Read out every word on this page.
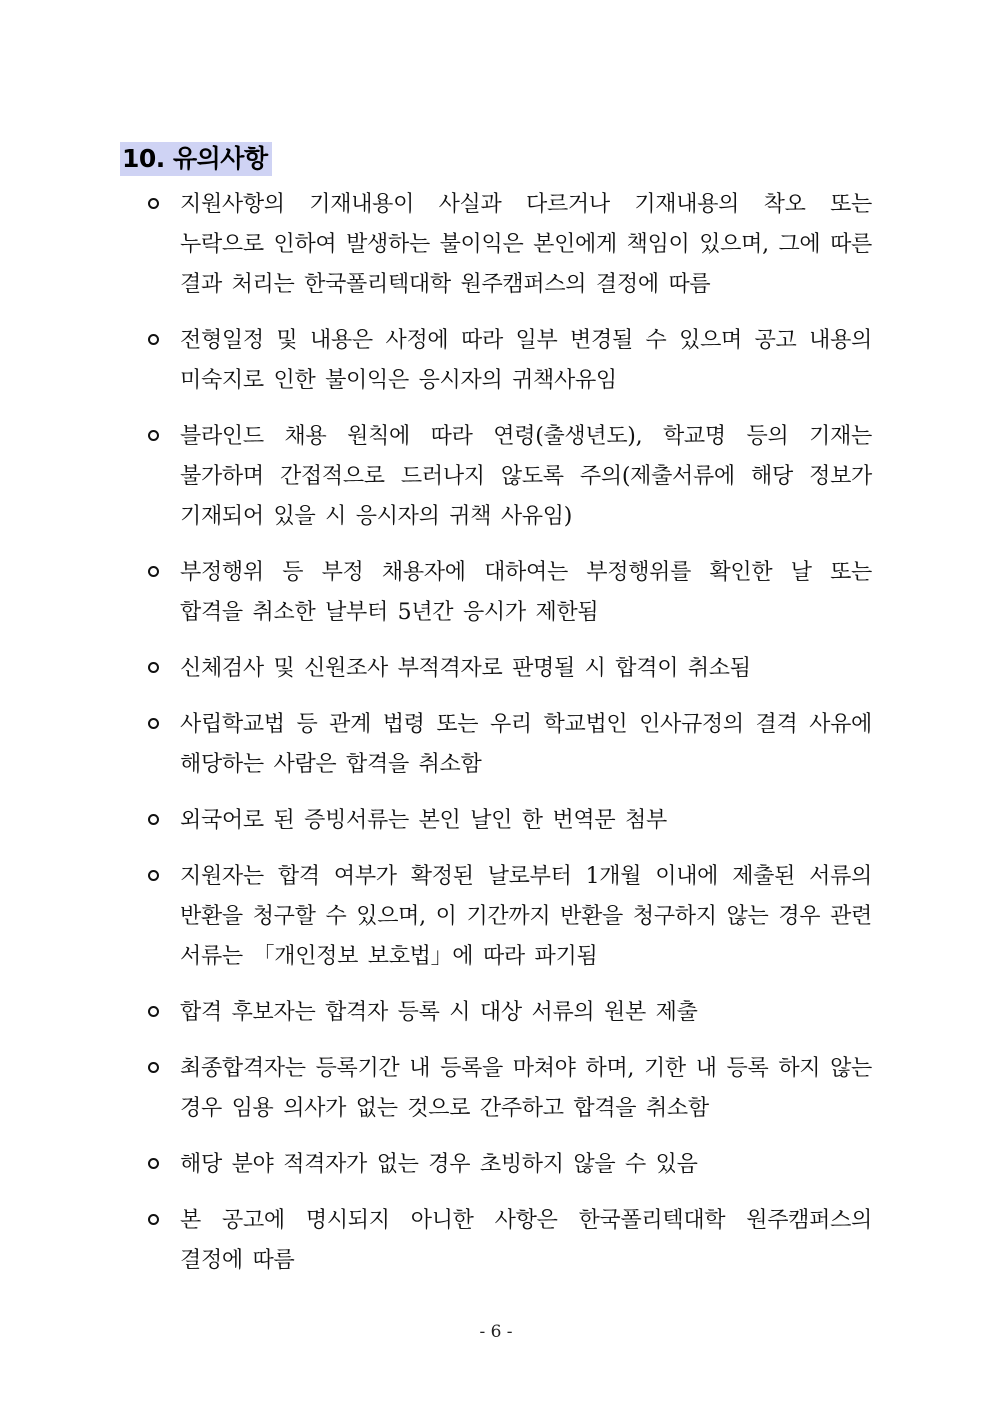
10. 유의사항
지원사항의 기재내용이 사실과 다르거나 기재내용의 착오 또는 누락으로 인하여 발생하는 불이익은 본인에게 책임이 있으며, 그에 따른 결과 처리는 한국폴리텍대학 원주캠퍼스의 결정에 따름
전형일정 및 내용은 사정에 따라 일부 변경될 수 있으며 공고 내용의 미숙지로 인한 불이익은 응시자의 귀책사유임
블라인드 채용 원칙에 따라 연령(출생년도), 학교명 등의 기재는 불가하며 간접적으로 드러나지 않도록 주의(제출서류에 해당 정보가 기재되어 있을 시 응시자의 귀책 사유임)
부정행위 등 부정 채용자에 대하여는 부정행위를 확인한 날 또는 합격을 취소한 날부터 5년간 응시가 제한됨
신체검사 및 신원조사 부적격자로 판명될 시 합격이 취소됨
사립학교법 등 관계 법령 또는 우리 학교법인 인사규정의 결격 사유에 해당하는 사람은 합격을 취소함
외국어로 된 증빙서류는 본인 날인 한 번역문 첨부
지원자는 합격 여부가 확정된 날로부터 1개월 이내에 제출된 서류의 반환을 청구할 수 있으며, 이 기간까지 반환을 청구하지 않는 경우 관련 서류는 「개인정보 보호법」에 따라 파기됨
합격 후보자는 합격자 등록 시 대상 서류의 원본 제출
최종합격자는 등록기간 내 등록을 마쳐야 하며, 기한 내 등록 하지 않는 경우 임용 의사가 없는 것으로 간주하고 합격을 취소함
해당 분야 적격자가 없는 경우 초빙하지 않을 수 있음
본 공고에 명시되지 아니한 사항은 한국폴리텍대학 원주캠퍼스의 결정에 따름
- 6 -
